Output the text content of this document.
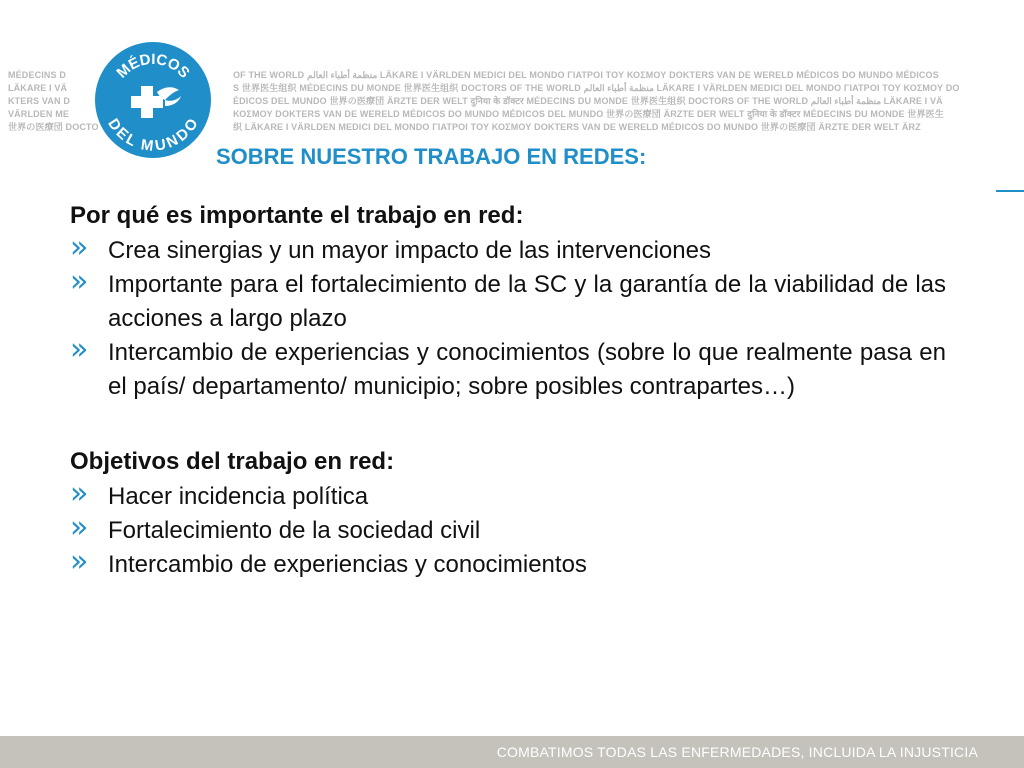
MÉDECINS D
LÄKARE I VÄ
KTERS VAN D
VÄRLDEN ME
世界の医療団 DOCTO
OF THE WORLD منظمة أطباء العالم LÄKARE I VÄRLDEN MEDICI DEL MONDO ΓΙΑΤΡΟΙ ΤΟΥ ΚΟΣΜΟΥ DOKTERS VAN DE WERELD MÉDICOS DO MUNDO MÉDICOS
S 世界医生组织 MÉDECINS DU MONDE 世界医生组织 DOCTORS OF THE WORLD منظمة أطباء العالم LÄKARE I VÄRLDEN MEDICI DEL MONDO ΓΙΑΤΡΟΙ ΤΟΥ ΚΟΣΜΟΥ DO
ÉDICOS DEL MUNDO 世界の医療団 ÄRZTE DER WELT दुनिया के डॉक्टर MÉDECINS DU MONDE 世界医生组织 DOCTORS OF THE WORLD منظمة أطباء العالم LÄKARE I VÄ
ΚΟΣΜΟΥ DOKTERS VAN DE WERELD MÉDICOS DO MUNDO MÉDICOS DEL MUNDO 世界の医療団 ÄRZTE DER WELT दुनिया के डॉक्टर MÉDECINS DU MONDE 世界医生
织 LÄKARE I VÄRLDEN MEDICI DEL MONDO ΓΙΑΤΡΟΙ ΤΟΥ ΚΟΣΜΟΥ DOKTERS VAN DE WERELD MÉDICOS DO MUNDO 世界の医療団 ÄRZTE DER WELT ÄRZ
MÉDICOS
DEL MUNDO
SOBRE NUESTRO TRABAJO EN REDES:
Por qué es importante el trabajo en red:
» Crea sinergias y un mayor impacto de las intervenciones
» Importante para el fortalecimiento de la SC y la garantía de la viabilidad de las acciones a largo plazo
» Intercambio de experiencias y conocimientos (sobre lo que realmente pasa en el país/ departamento/ municipio; sobre posibles contrapartes…)
Objetivos del trabajo en red:
» Hacer incidencia política
» Fortalecimiento de la sociedad civil
» Intercambio de experiencias y conocimientos
COMBATIMOS TODAS LAS ENFERMEDADES, INCLUIDA LA INJUSTICIA
